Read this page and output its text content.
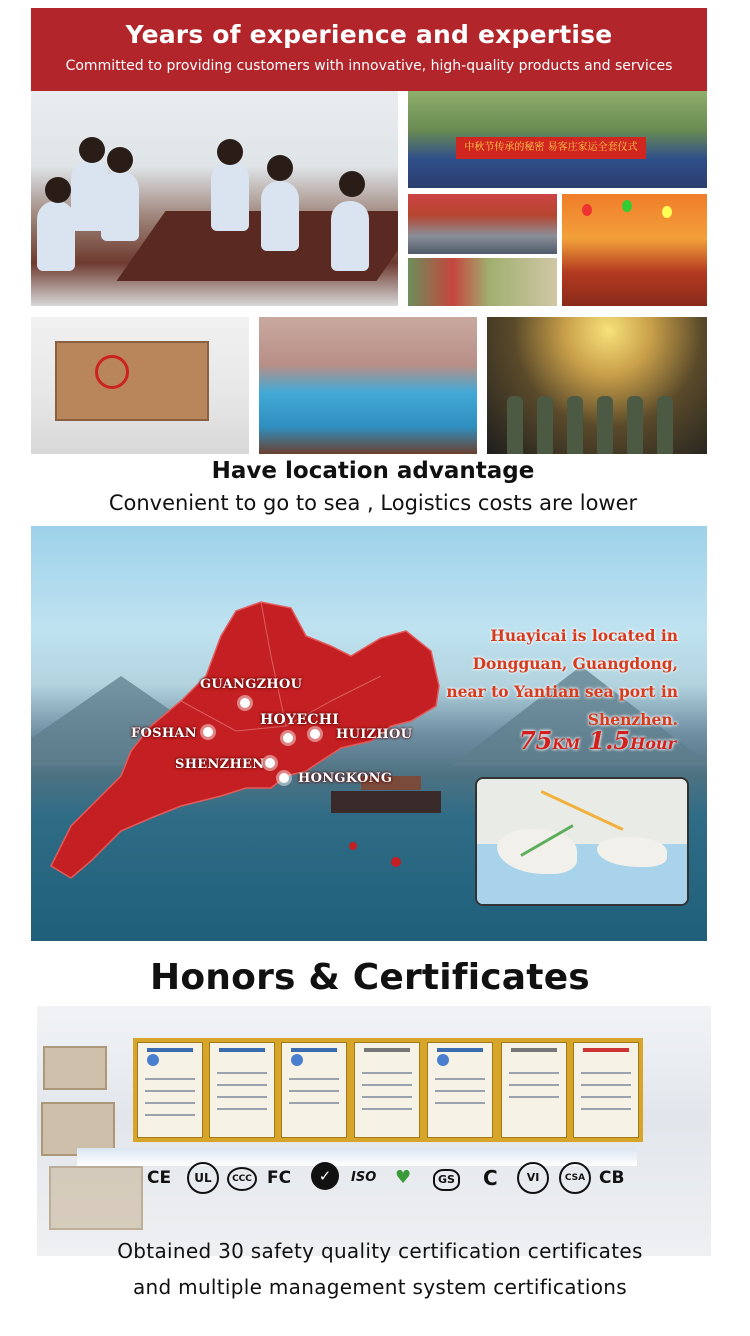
Years of experience and expertise
Committed to providing customers with innovative, high-quality products and services
中秋节传承的秘密 易客庄家运全套仪式
Have location advantage
Convenient to go to sea , Logistics costs are lower
GUANGZHOU
FOSHAN
HOYECHI
HUIZHOU
SHENZHEN
HONGKONG
Huayicai is located in
Dongguan, Guangdong,
near to Yantian sea port in
Shenzhen.
75KM 1.5Hour
Honors & Certificates
CE	UL	CCC FC	✓	ISO ♥	GS C	VI	CSA CB
Obtained 30 safety quality certification certificates
and multiple management system certifications
